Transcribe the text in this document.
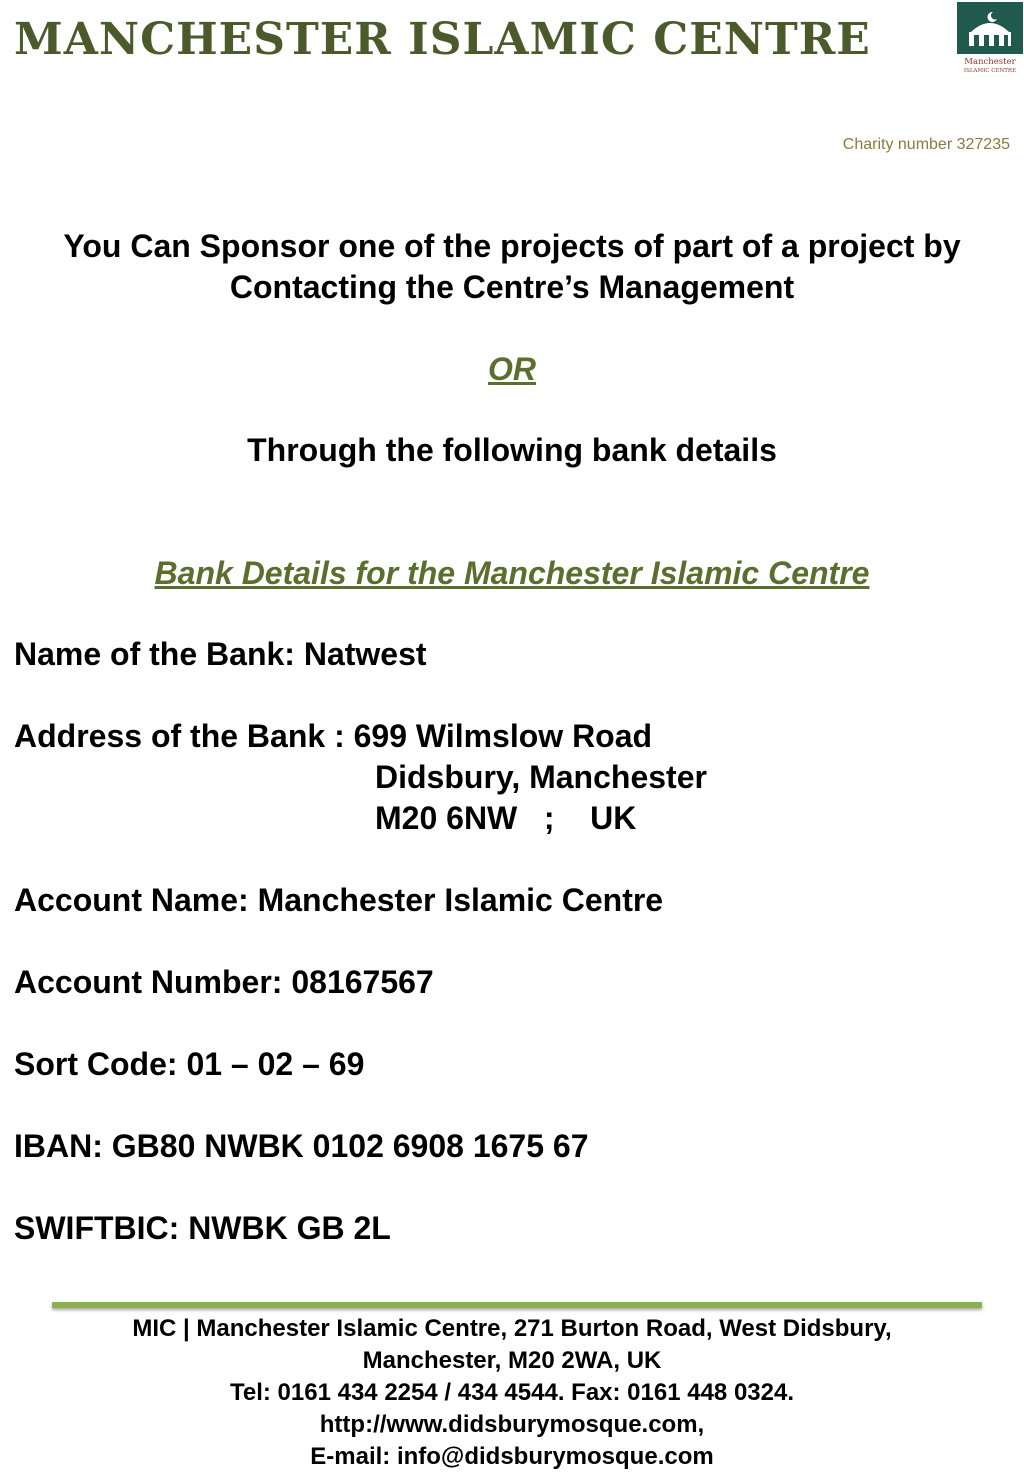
MANCHESTER ISLAMIC CENTRE	Manchester
ISLAMIC CENTRE
Charity number 327235
You Can Sponsor one of the projects of part of a project by
Contacting the Centre’s Management
OR
Through the following bank details
Bank Details for the Manchester Islamic Centre
Name of the Bank: Natwest
Address of the Bank : 699 Wilmslow Road
Didsbury, Manchester
M20 6NW   ;    UK
Account Name: Manchester Islamic Centre
Account Number: 08167567
Sort Code: 01 – 02 – 69
IBAN: GB80 NWBK 0102 6908 1675 67
SWIFTBIC: NWBK GB 2L
MIC | Manchester Islamic Centre, 271 Burton Road, West Didsbury,
Manchester, M20 2WA, UK
Tel: 0161 434 2254 / 434 4544. Fax: 0161 448 0324.
http://www.didsburymosque.com,
E-mail: info@didsburymosque.com
